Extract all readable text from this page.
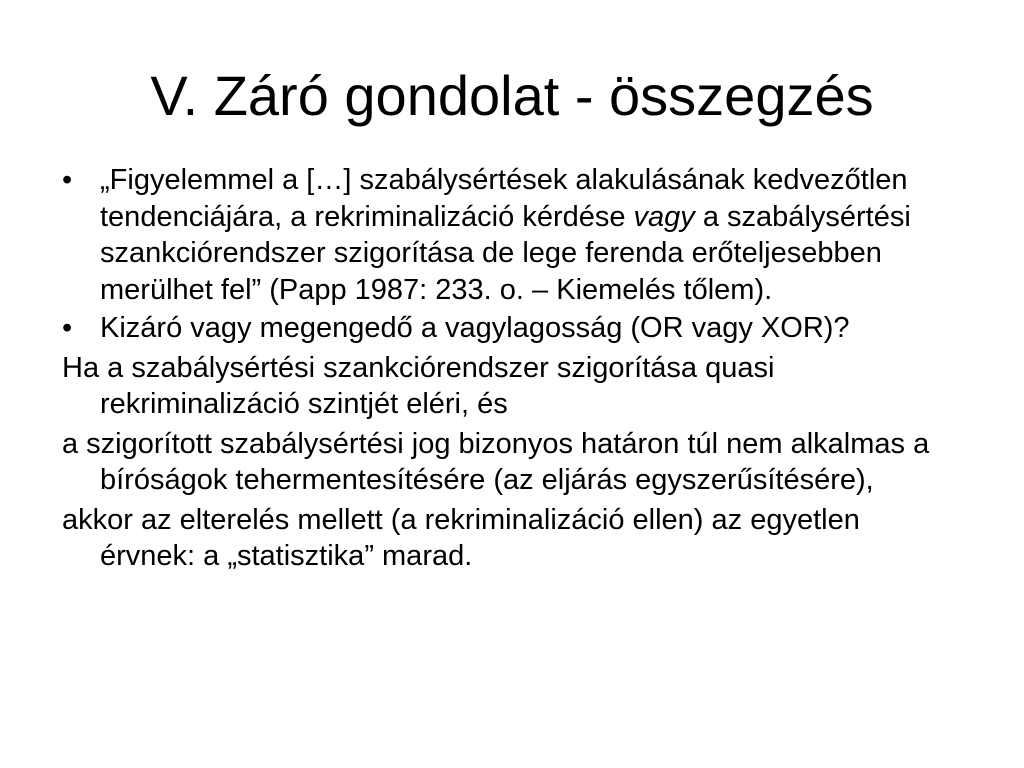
V. Záró gondolat - összegzés
• „Figyelemmel a […] szabálysértések alakulásának kedvezőtlen tendenciájára, a rekriminalizáció kérdése vagy a szabálysértési szankciórendszer szigorítása de lege ferenda erőteljesebben merülhet fel” (Papp 1987: 233. o. – Kiemelés tőlem).
• Kizáró vagy megengedő a vagylagosság (OR vagy XOR)?
Ha a szabálysértési szankciórendszer szigorítása quasi rekriminalizáció szintjét eléri, és
a szigorított szabálysértési jog bizonyos határon túl nem alkalmas a bíróságok tehermentesítésére (az eljárás egyszerűsítésére),
akkor az elterelés mellett (a rekriminalizáció ellen) az egyetlen érvnek: a „statisztika” marad.
